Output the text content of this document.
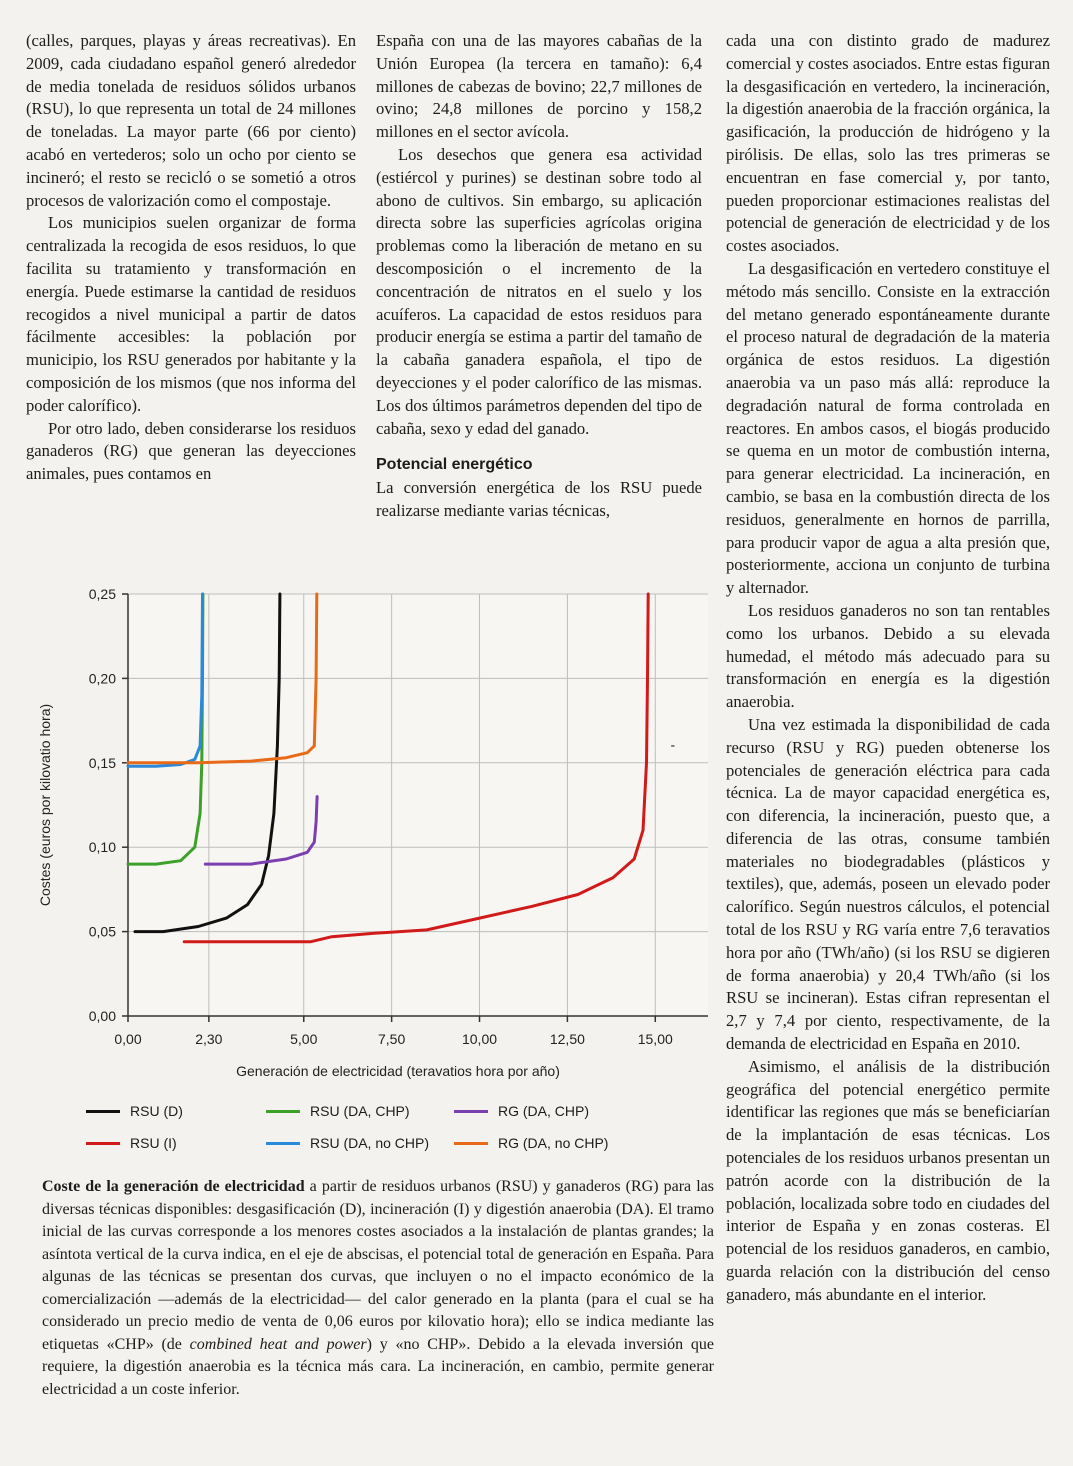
(calles, parques, playas y áreas recreativas). En 2009, cada ciudadano español generó alrededor de media tonelada de residuos sólidos urbanos (RSU), lo que representa un total de 24 millones de toneladas. La mayor parte (66 por ciento) acabó en vertederos; solo un ocho por ciento se incineró; el resto se recicló o se sometió a otros procesos de valorización como el compostaje.

Los municipios suelen organizar de forma centralizada la recogida de esos residuos, lo que facilita su tratamiento y transformación en energía. Puede estimarse la cantidad de residuos recogidos a nivel municipal a partir de datos fácilmente accesibles: la población por municipio, los RSU generados por habitante y la composición de los mismos (que nos informa del poder calorífico).

Por otro lado, deben considerarse los residuos ganaderos (RG) que generan las deyecciones animales, pues contamos en

España con una de las mayores cabañas de la Unión Europea (la tercera en tamaño): 6,4 millones de cabezas de bovino; 22,7 millones de ovino; 24,8 millones de porcino y 158,2 millones en el sector avícola.

Los desechos que genera esa actividad (estiércol y purines) se destinan sobre todo al abono de cultivos. Sin embargo, su aplicación directa sobre las superficies agrícolas origina problemas como la liberación de metano en su descomposición o el incremento de la concentración de nitratos en el suelo y los acuíferos. La capacidad de estos residuos para producir energía se estima a partir del tamaño de la cabaña ganadera española, el tipo de deyecciones y el poder calorífico de las mismas. Los dos últimos parámetros dependen del tipo de cabaña, sexo y edad del ganado.

Potencial energético

La conversión energética de los RSU puede realizarse mediante varias técnicas,

cada una con distinto grado de madurez comercial y costes asociados. Entre estas figuran la desgasificación en vertedero, la incineración, la digestión anaerobia de la fracción orgánica, la gasificación, la producción de hidrógeno y la pirólisis. De ellas, solo las tres primeras se encuentran en fase comercial y, por tanto, pueden proporcionar estimaciones realistas del potencial de generación de electricidad y de los costes asociados.

La desgasificación en vertedero constituye el método más sencillo. Consiste en la extracción del metano generado espontáneamente durante el proceso natural de degradación de la materia orgánica de estos residuos. La digestión anaerobia va un paso más allá: reproduce la degradación natural de forma controlada en reactores. En ambos casos, el biogás producido se quema en un motor de combustión interna, para generar electricidad. La incineración, en cambio, se basa en la combustión directa de los residuos, generalmente en hornos de parrilla, para producir vapor de agua a alta presión que, posteriormente, acciona un conjunto de turbina y alternador.

Los residuos ganaderos no son tan rentables como los urbanos. Debido a su elevada humedad, el método más adecuado para su transformación en energía es la digestión anaerobia.

Una vez estimada la disponibilidad de cada recurso (RSU y RG) pueden obtenerse los potenciales de generación eléctrica para cada técnica. La de mayor capacidad energética es, con diferencia, la incineración, puesto que, a diferencia de las otras, consume también materiales no biodegradables (plásticos y textiles), que, además, poseen un elevado poder calorífico. Según nuestros cálculos, el potencial total de los RSU y RG varía entre 7,6 teravatios hora por año (TWh/año) (si los RSU se digieren de forma anaerobia) y 20,4 TWh/año (si los RSU se incineran). Estas cifran representan el 2,7 y 7,4 por ciento, respectivamente, de la demanda de electricidad en España en 2010.

Asimismo, el análisis de la distribución geográfica del potencial energético permite identificar las regiones que más se beneficiarían de la implantación de esas técnicas. Los potenciales de los residuos urbanos presentan un patrón acorde con la distribución de la población, localizada sobre todo en ciudades del interior de España y en zonas costeras. El potencial de los residuos ganaderos, en cambio, guarda relación con la distribución del censo ganadero, más abundante en el interior.

0,00
0,05
0,10
0,15
0,20
0,25
0,00	2,30	5,00	7,50	10,00	12,50	15,00
Generación de electricidad (teravatios hora por año)
Costes (euros por kilovatio hora)	-
RSU (D)
RSU (I)
RSU (DA, CHP)
RSU (DA, no CHP)
RG (DA, CHP)
RG (DA, no CHP)
Coste de la generación de electricidad a partir de residuos urbanos (RSU) y ganaderos (RG) para las diversas técnicas disponibles: desgasificación (D), incineración (I) y digestión anaerobia (DA). El tramo inicial de las curvas corresponde a los menores costes asociados a la instalación de plantas grandes; la asíntota vertical de la curva indica, en el eje de abscisas, el potencial total de generación en España. Para algunas de las técnicas se presentan dos curvas, que incluyen o no el impacto económico de la comercialización —además de la electricidad— del calor generado en la planta (para el cual se ha considerado un precio medio de venta de 0,06 euros por kilovatio hora); ello se indica mediante las etiquetas «CHP» (de combined heat and power) y «no CHP». Debido a la elevada inversión que requiere, la digestión anaerobia es la técnica más cara. La incineración, en cambio, permite generar electricidad a un coste inferior.
